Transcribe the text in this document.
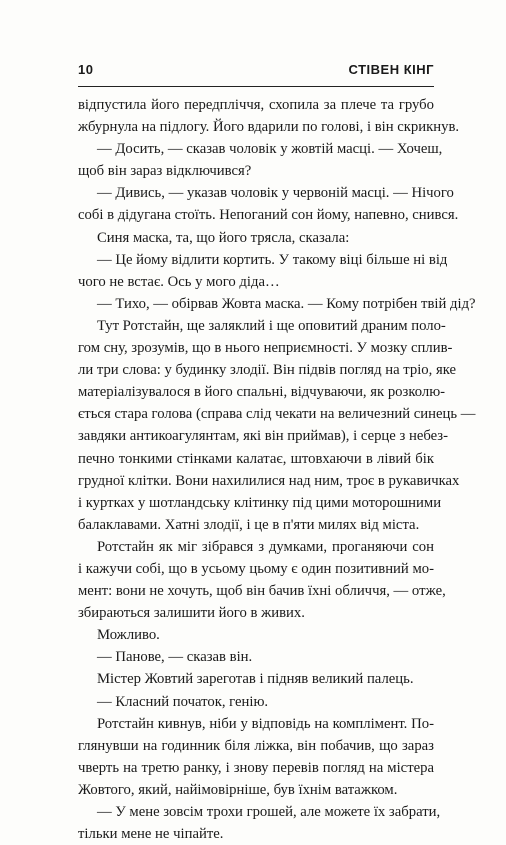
10	СТІВЕН КІНГ
відпустила його передпліччя, схопила за плече та грубо
жбурнула на підлогу. Його вдарили по голові, і він скрикнув.
— Досить, — сказав чоловік у жовтій масці. — Хочеш,
щоб він зараз відключився?
— Дивись, — указав чоловік у червоній масці. — Нічого
собі в дідугана стоїть. Непоганий сон йому, напевно, снився.
Синя маска, та, що його трясла, сказала:
— Це йому відлити кортить. У такому віці більше ні від
чого не встає. Ось у мого діда…
— Тихо, — обірвав Жовта маска. — Кому потрібен твій дід?
Тут Ротстайн, ще заляклий і ще оповитий драним поло-
гом сну, зрозумів, що в нього неприємності. У мозку сплив-
ли три слова: у будинку злодії. Він підвів погляд на тріо, яке
матеріалізувалося в його спальні, відчуваючи, як розколю-
ється стара голова (справа слід чекати на величезний синець —
завдяки антикоагулянтам, які він приймав), і серце з небез-
печно тонкими стінками калатає, штовхаючи в лівий бік
грудної клітки. Вони нахилилися над ним, троє в рукавичках
і куртках у шотландську клітинку під цими моторошними
балаклавами. Хатні злодії, і це в п'яти милях від міста.
Ротстайн як міг зібрався з думками, проганяючи сон
і кажучи собі, що в усьому цьому є один позитивний мо-
мент: вони не хочуть, щоб він бачив їхні обличчя, — отже,
збираються залишити його в живих.
Можливо.
— Панове, — сказав він.
Містер Жовтий зареготав і підняв великий палець.
— Класний початок, генію.
Ротстайн кивнув, ніби у відповідь на комплімент. По-
глянувши на годинник біля ліжка, він побачив, що зараз
чверть на третю ранку, і знову перевів погляд на містера
Жовтого, який, найімовірніше, був їхнім ватажком.
— У мене зовсім трохи грошей, але можете їх забрати,
тільки мене не чіпайте.
